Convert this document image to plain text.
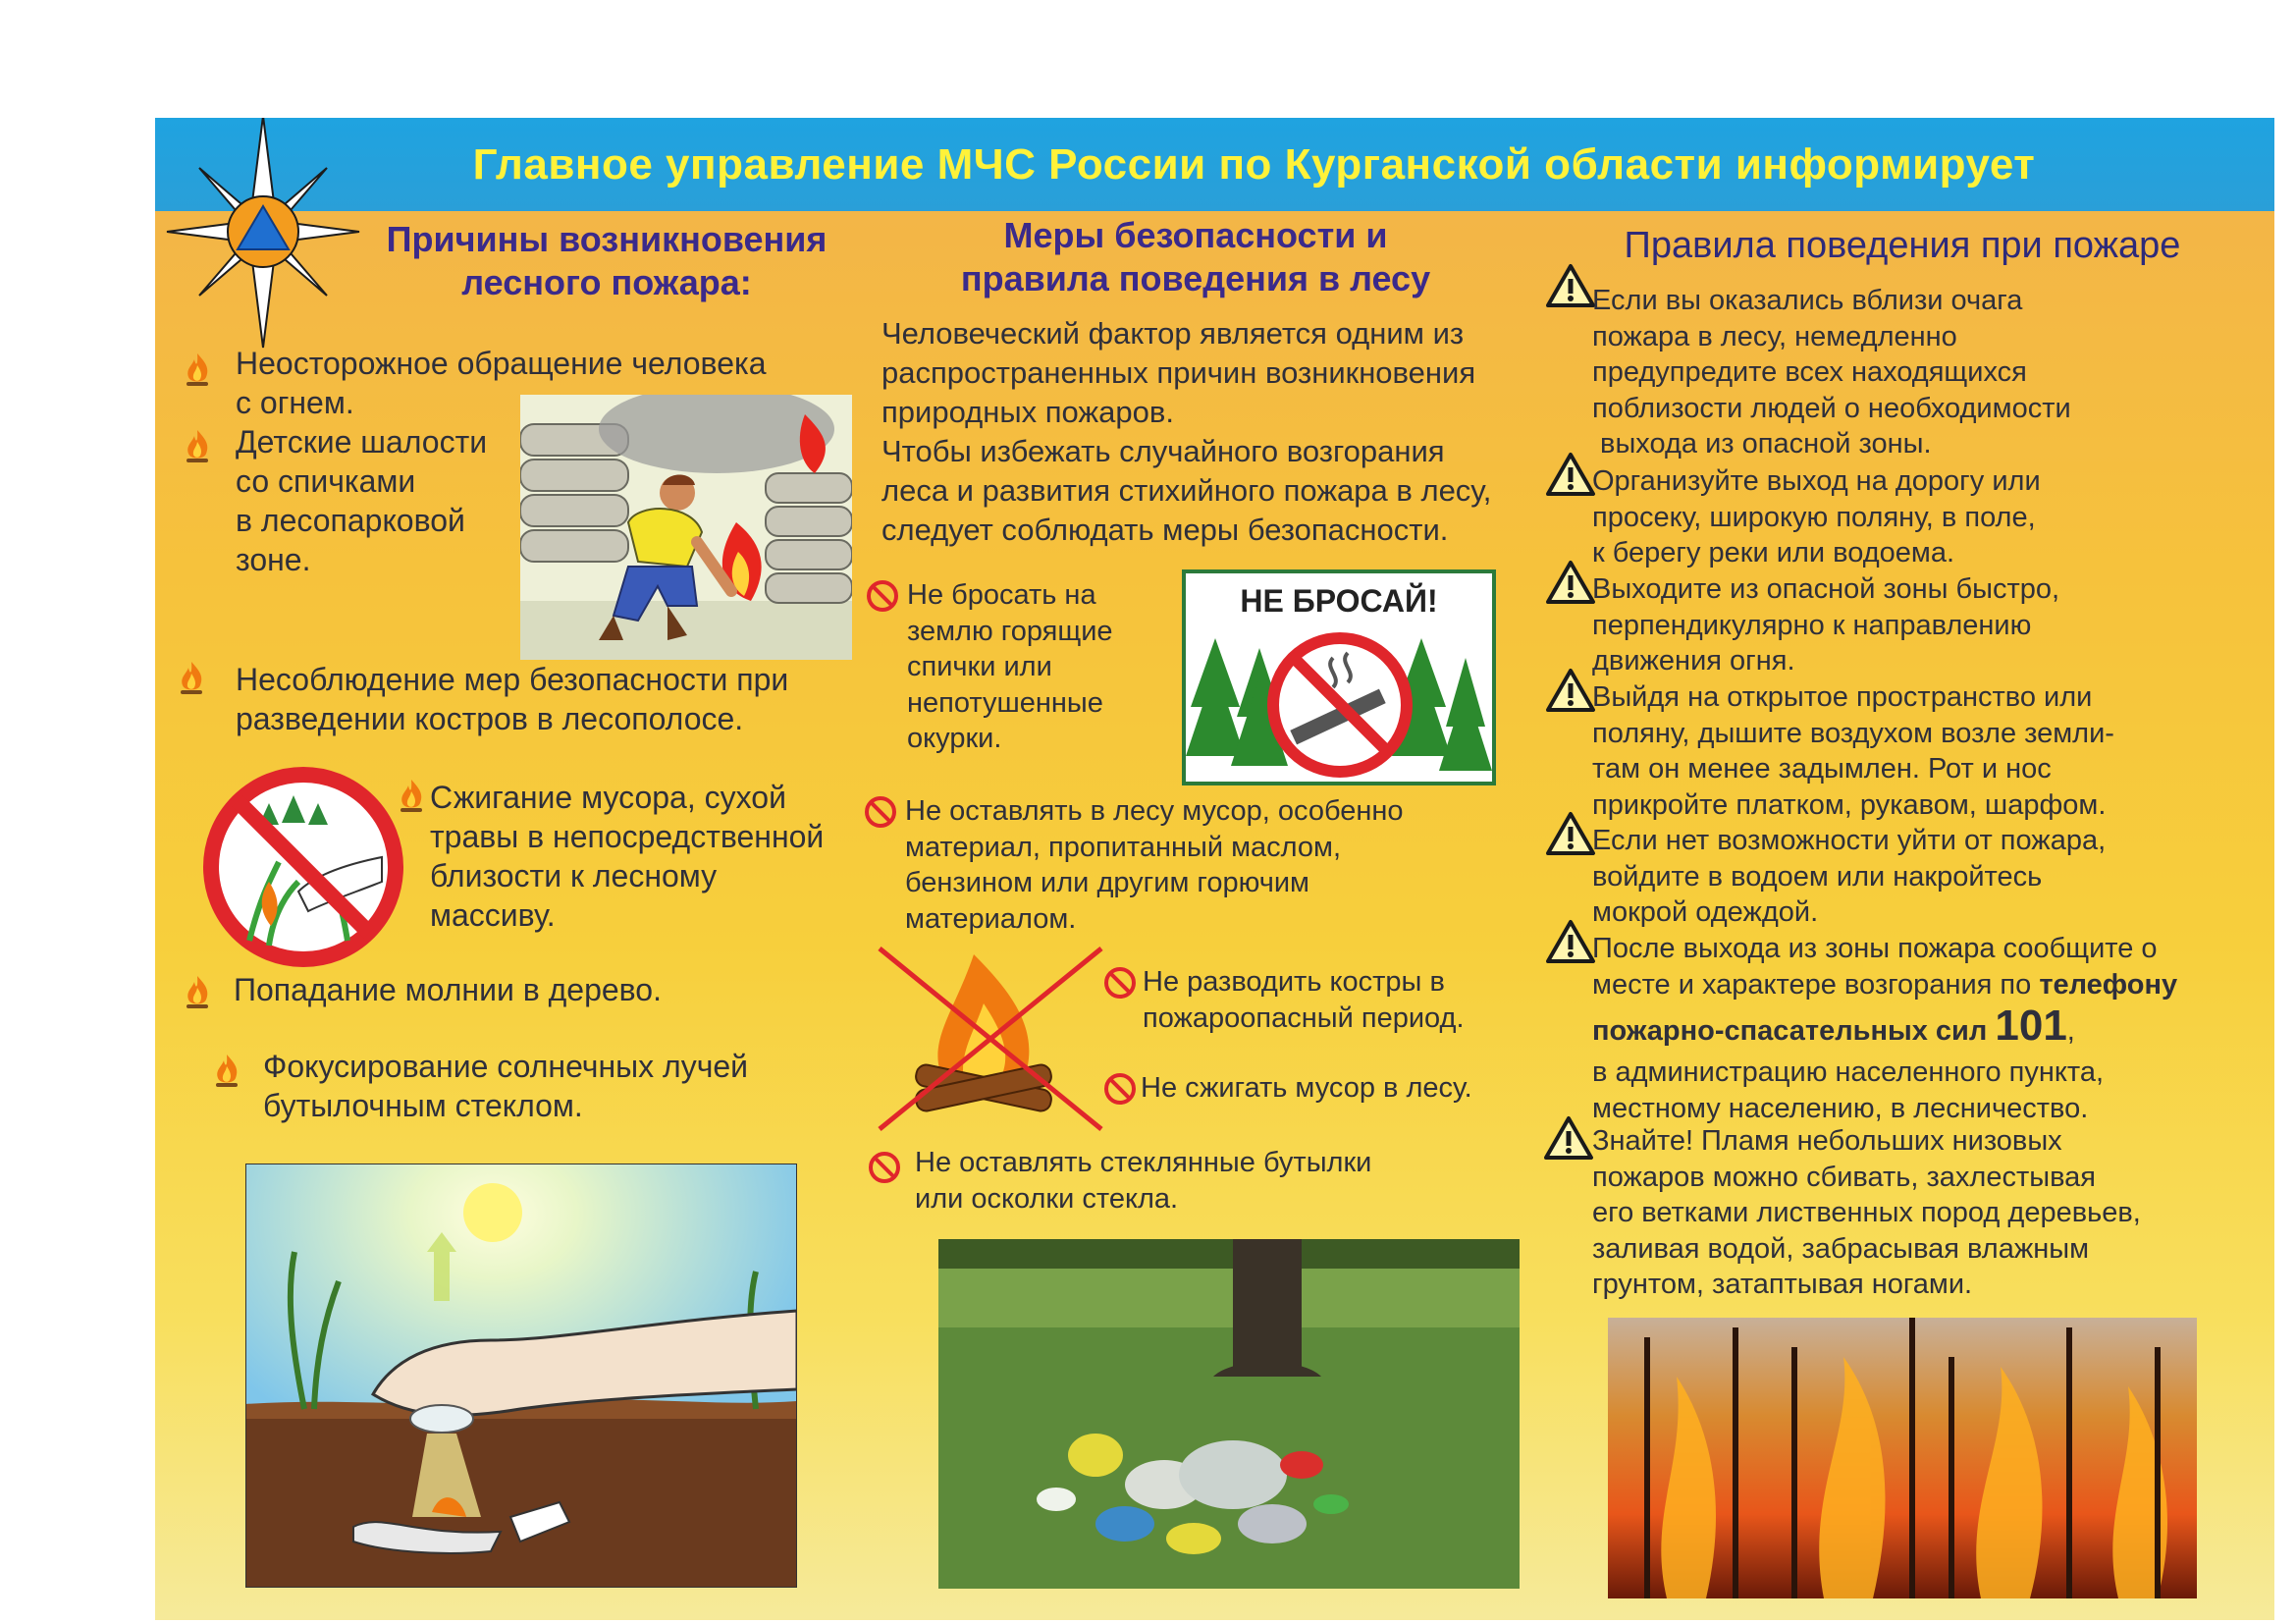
Главное управление МЧС России по Курганской области информирует
Причины возникновения
лесного пожара:
Неосторожное обращение человека
с огнем.
Детские шалости
со спичками
в лесопарковой
зоне.
Несоблюдение мер безопасности при
разведении костров в лесополосе.
Сжигание мусора, сухой
травы в непосредственной
близости к лесному
массиву.
Попадание молнии в дерево.
Фокусирование солнечных лучей
бутылочным стеклом.
Меры безопасности и
правила поведения в лесу
Человеческий фактор является одним из
распространенных причин возникновения
природных пожаров.
Чтобы избежать случайного возгорания
леса и развития стихийного пожара в лесу,
следует соблюдать меры безопасности.
Не бросать на
землю горящие
спички или
непотушенные
окурки.
НЕ БРОСАЙ!
Не оставлять в лесу мусор, особенно
материал, пропитанный маслом,
бензином или другим горючим
материалом.
Не разводить костры в
пожароопасный период.
Не сжигать мусор в лесу.
Не оставлять стеклянные бутылки
или осколки стекла.
Правила поведения при пожаре
Если вы оказались вблизи очага
пожара в лесу, немедленно
предупредите всех находящихся
поблизости людей о необходимости
выхода из опасной зоны.
Организуйте выход на дорогу или
просеку, широкую поляну, в поле,
к берегу реки или водоема.
Выходите из опасной зоны быстро,
перпендикулярно к направлению
движения огня.
Выйдя на открытое пространство или
поляну, дышите воздухом возле земли-
там он менее задымлен. Рот и нос
прикройте платком, рукавом, шарфом.
Если нет возможности уйти от пожара,
войдите в водоем или накройтесь
мокрой одеждой.
После выхода из зоны пожара сообщите о
месте и характере возгорания по телефону
пожарно-спасательных сил 101,
в администрацию населенного пункта,
местному населению, в лесничество.
Знайте! Пламя небольших низовых
пожаров можно сбивать, захлестывая
его ветками лиственных пород деревьев,
заливая водой, забрасывая влажным
грунтом, затаптывая ногами.
